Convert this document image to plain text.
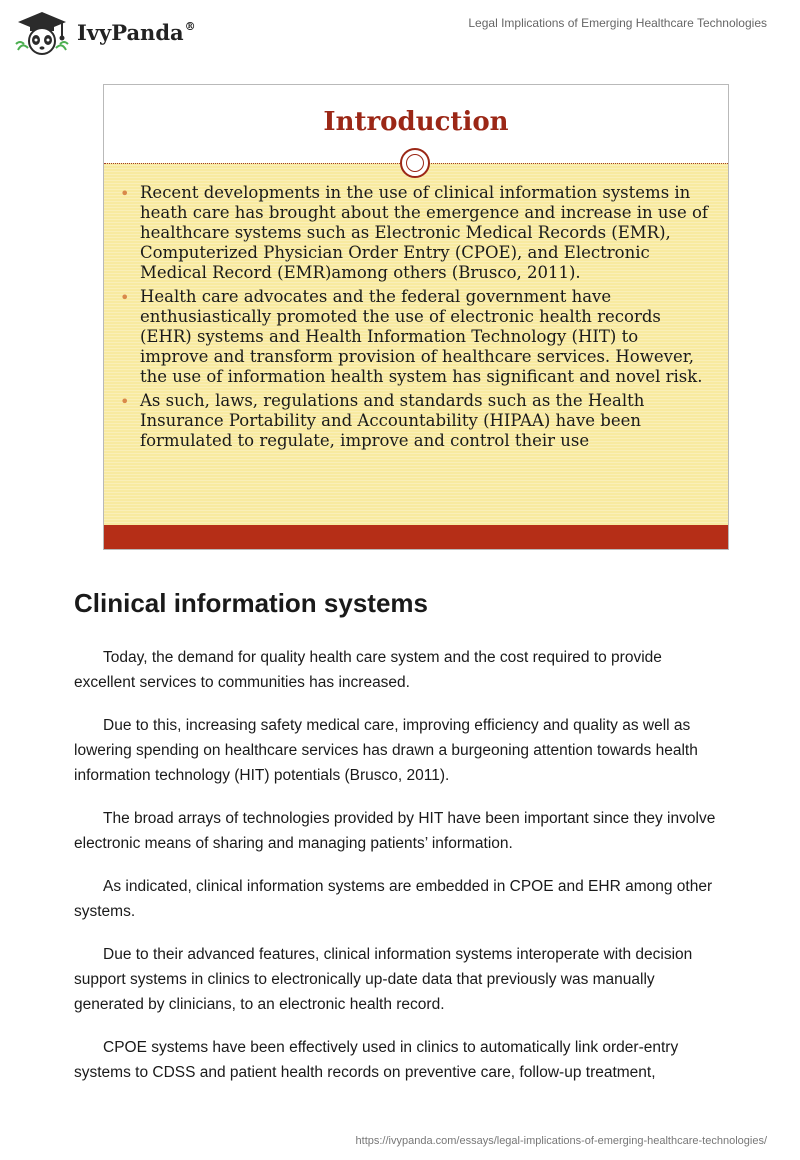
IvyPanda®	Legal Implications of Emerging Healthcare Technologies
Introduction
• Recent developments in the use of clinical information systems in heath care has brought about the emergence and increase in use of healthcare systems such as Electronic Medical Records (EMR), Computerized Physician Order Entry (CPOE), and Electronic Medical Record (EMR)among others (Brusco, 2011).
• Health care advocates and the federal government have enthusiastically promoted the use of electronic health records (EHR) systems and Health Information Technology (HIT) to improve and transform provision of healthcare services. However, the use of information health system has significant and novel risk.
• As such, laws, regulations and standards such as the Health Insurance Portability and Accountability (HIPAA) have been formulated to regulate, improve and control their use
Clinical information systems

Today, the demand for quality health care system and the cost required to provide excellent services to communities has increased.

Due to this, increasing safety medical care, improving efficiency and quality as well as lowering spending on healthcare services has drawn a burgeoning attention towards health information technology (HIT) potentials (Brusco, 2011).

The broad arrays of technologies provided by HIT have been important since they involve electronic means of sharing and managing patients’ information.

As indicated, clinical information systems are embedded in CPOE and EHR among other systems.

Due to their advanced features, clinical information systems interoperate with decision support systems in clinics to electronically up-date data that previously was manually generated by clinicians, to an electronic health record.

CPOE systems have been effectively used in clinics to automatically link order-entry systems to CDSS and patient health records on preventive care, follow-up treatment,

https://ivypanda.com/essays/legal-implications-of-emerging-healthcare-technologies/
